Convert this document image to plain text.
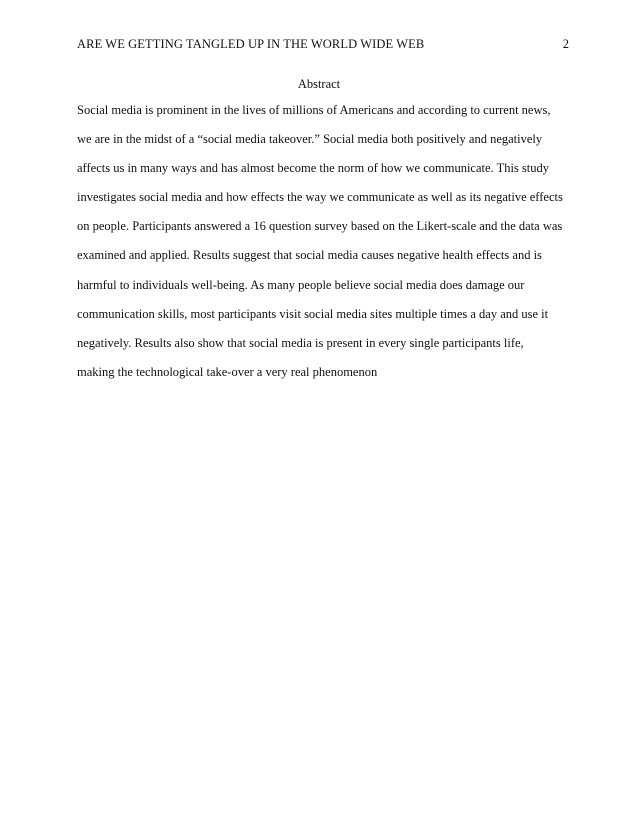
ARE WE GETTING TANGLED UP IN THE WORLD WIDE WEB	2
Abstract
Social media is prominent in the lives of millions of Americans and according to current news,
we are in the midst of a “social media takeover.” Social media both positively and negatively
affects us in many ways and has almost become the norm of how we communicate. This study
investigates social media and how effects the way we communicate as well as its negative effects
on people. Participants answered a 16 question survey based on the Likert-scale and the data was
examined and applied. Results suggest that social media causes negative health effects and is
harmful to individuals well-being. As many people believe social media does damage our
communication skills, most participants visit social media sites multiple times a day and use it
negatively. Results also show that social media is present in every single participants life,
making the technological take-over a very real phenomenon
